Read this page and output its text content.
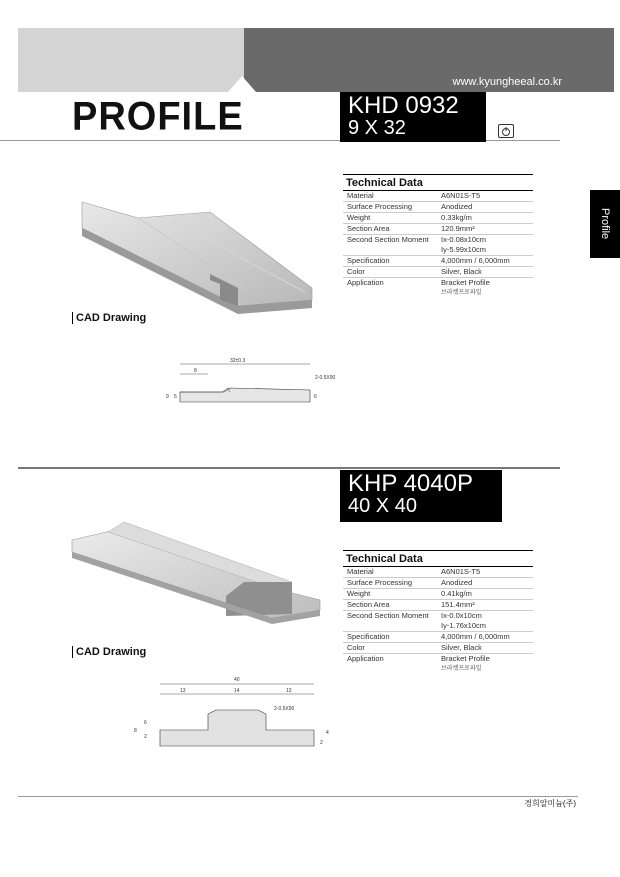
www.kyungheeal.co.kr
PROFILE
Profile
KHD 0932
9 X 32
CAD Drawing
32±0.3
8
2-0.5X90
9 5	6
Technical Data
Material	A6N01S-T5
Surface Processing	Anodized
Weight	0.33kg/m
Section Area	120.9mm²
Second Section Moment	Ix-0.08x10cm
Iy-5.99x10cm
Specification	4,000mm / 6,000mm
Color	Silver, Black
Application	Bracket Profile
브라켓프로파일
KHP 4040P
40 X 40
CAD Drawing
40
13	14	13
2-0.5X90
8
6
2
4
2
Technical Data
Material	A6N01S-T5
Surface Processing	Anodized
Weight	0.41kg/m
Section Area	151.4mm²
Second Section Moment	Ix-0.0x10cm
Iy-1.76x10cm
Specification	4,000mm / 6,000mm
Color	Silver, Black
Application	Bracket Profile
브라켓프로파일
경희알미늄(주)
